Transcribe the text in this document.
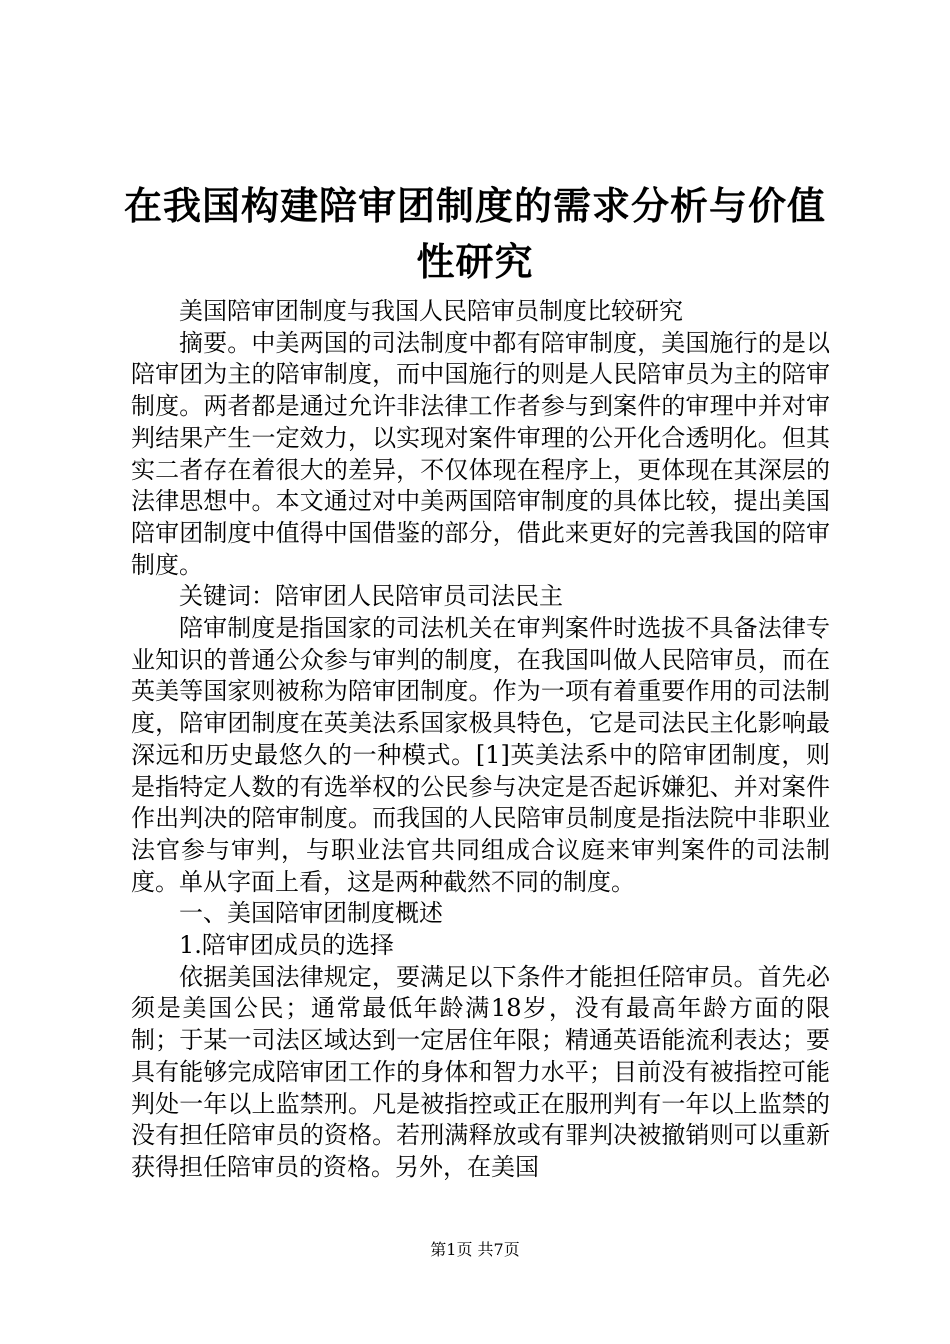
在我国构建陪审团制度的需求分析与价值性研究

美国陪审团制度与我国人民陪审员制度比较研究

摘要。中美两国的司法制度中都有陪审制度，美国施行的是以陪审团为主的陪审制度，而中国施行的则是人民陪审员为主的陪审制度。两者都是通过允许非法律工作者参与到案件的审理中并对审判结果产生一定效力，以实现对案件审理的公开化合透明化。但其实二者存在着很大的差异，不仅体现在程序上，更体现在其深层的法律思想中。本文通过对中美两国陪审制度的具体比较，提出美国陪审团制度中值得中国借鉴的部分，借此来更好的完善我国的陪审制度。

关键词：陪审团人民陪审员司法民主

陪审制度是指国家的司法机关在审判案件时选拔不具备法律专业知识的普通公众参与审判的制度，在我国叫做人民陪审员，而在英美等国家则被称为陪审团制度。作为一项有着重要作用的司法制度，陪审团制度在英美法系国家极具特色，它是司法民主化影响最深远和历史最悠久的一种模式。[1]英美法系中的陪审团制度，则是指特定人数的有选举权的公民参与决定是否起诉嫌犯、并对案件作出判决的陪审制度。而我国的人民陪审员制度是指法院中非职业法官参与审判，与职业法官共同组成合议庭来审判案件的司法制度。单从字面上看，这是两种截然不同的制度。

一、美国陪审团制度概述

1.陪审团成员的选择

依据美国法律规定，要满足以下条件才能担任陪审员。首先必须是美国公民；通常最低年龄满18岁，没有最高年龄方面的限制；于某一司法区域达到一定居住年限；精通英语能流利表达；要具有能够完成陪审团工作的身体和智力水平；目前没有被指控可能判处一年以上监禁刑。凡是被指控或正在服刑判有一年以上监禁的没有担任陪审员的资格。若刑满释放或有罪判决被撤销则可以重新获得担任陪审员的资格。另外，在美国

第1页 共7页
